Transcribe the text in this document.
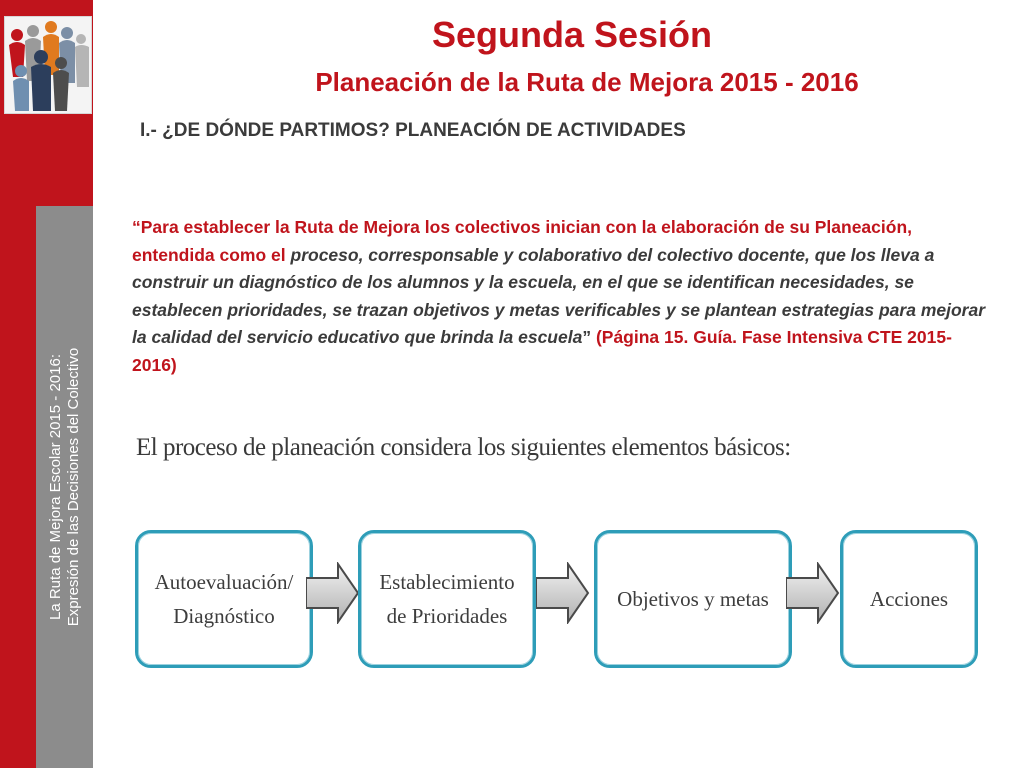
La Ruta de Mejora Escolar 2015 - 2016: Expresión de las Decisiones del Colectivo
Segunda Sesión
Planeación de la Ruta de Mejora 2015 - 2016
I.- ¿DE DÓNDE PARTIMOS? PLANEACIÓN DE ACTIVIDADES
“Para establecer la Ruta de Mejora los colectivos inician con la elaboración de su Planeación, entendida como el proceso, corresponsable y colaborativo del colectivo docente, que los lleva a construir un diagnóstico de los alumnos y la escuela, en el que se identifican necesidades, se establecen prioridades, se trazan objetivos y metas verificables y se plantean estrategias para mejorar la calidad del servicio educativo que brinda la escuela” (Página 15. Guía. Fase Intensiva CTE 2015-2016)
El proceso de planeación considera los siguientes elementos básicos:
Autoevaluación/
Diagnóstico
Establecimiento
de Prioridades
Objetivos y metas	Acciones
